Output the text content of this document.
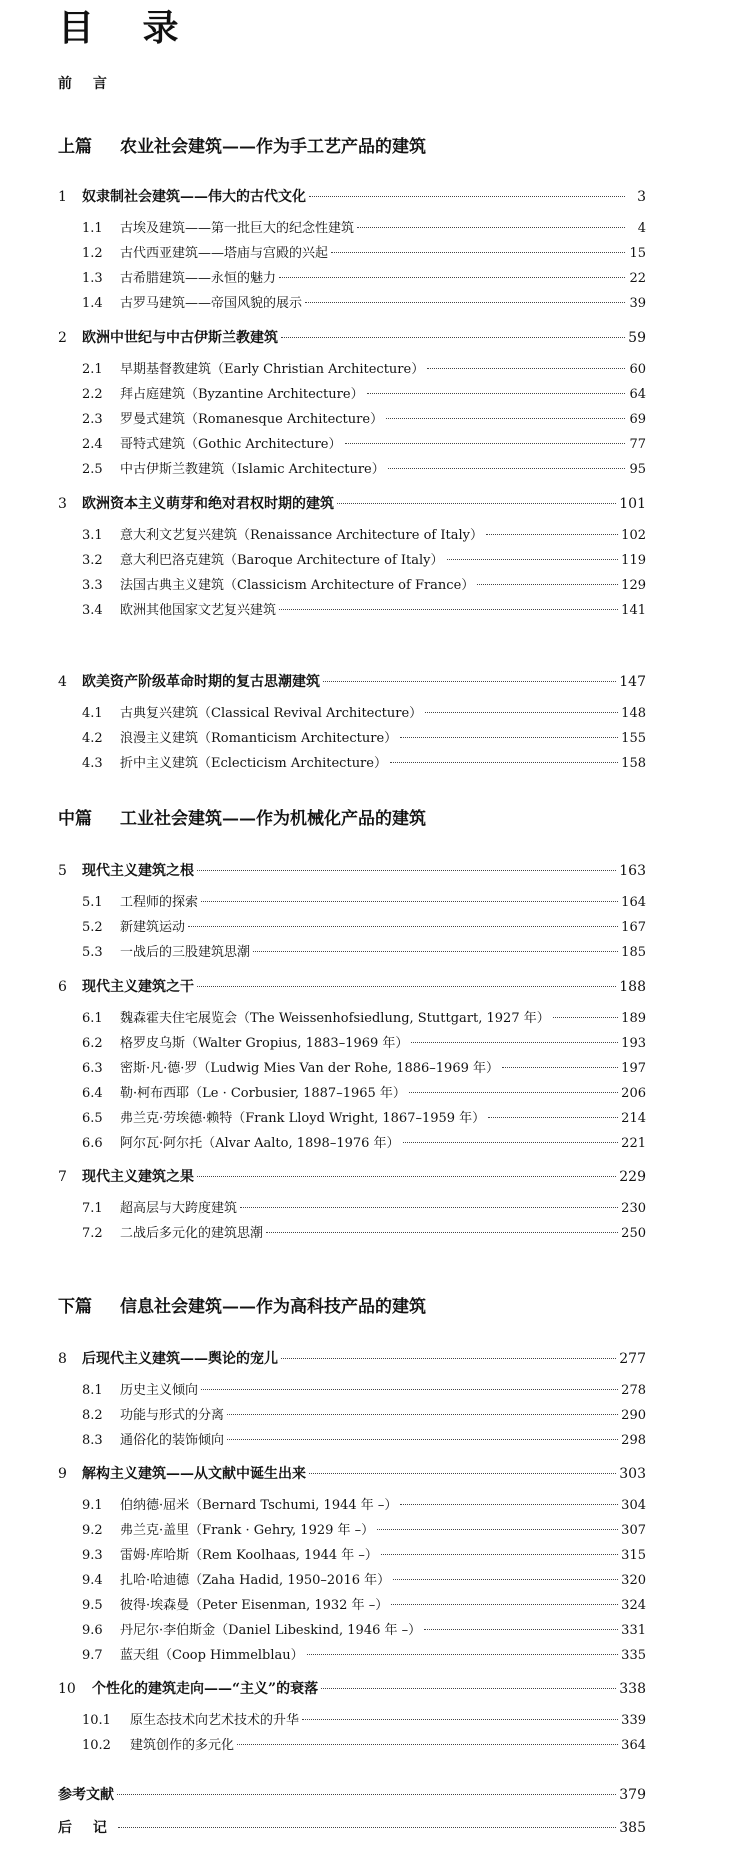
目 录
前 言
上篇 农业社会建筑——作为手工艺产品的建筑
中篇 工业社会建筑——作为机械化产品的建筑
下篇 信息社会建筑——作为高科技产品的建筑
1	奴隶制社会建筑——伟大的古代文化	3
1.1	古埃及建筑——第一批巨大的纪念性建筑	4
1.2	古代西亚建筑——塔庙与宫殿的兴起	15
1.3	古希腊建筑——永恒的魅力	22
1.4	古罗马建筑——帝国风貌的展示	39
2	欧洲中世纪与中古伊斯兰教建筑	59
2.1	早期基督教建筑（Early Christian Architecture）	60
2.2	拜占庭建筑（Byzantine Architecture）	64
2.3	罗曼式建筑（Romanesque Architecture）	69
2.4	哥特式建筑（Gothic Architecture）	77
2.5	中古伊斯兰教建筑（Islamic Architecture）	95
3	欧洲资本主义萌芽和绝对君权时期的建筑	101
3.1	意大利文艺复兴建筑（Renaissance Architecture of Italy）	102
3.2	意大利巴洛克建筑（Baroque Architecture of Italy）	119
3.3	法国古典主义建筑（Classicism Architecture of France）	129
3.4	欧洲其他国家文艺复兴建筑	141
4	欧美资产阶级革命时期的复古思潮建筑	147
4.1	古典复兴建筑（Classical Revival Architecture）	148
4.2	浪漫主义建筑（Romanticism Architecture）	155
4.3	折中主义建筑（Eclecticism Architecture）	158
5	现代主义建筑之根	163
5.1	工程师的探索	164
5.2	新建筑运动	167
5.3	一战后的三股建筑思潮	185
6	现代主义建筑之干	188
6.1	魏森霍夫住宅展览会（The Weissenhofsiedlung, Stuttgart, 1927 年）	189
6.2	格罗皮乌斯（Walter Gropius, 1883–1969 年）	193
6.3	密斯·凡·德·罗（Ludwig Mies Van der Rohe, 1886–1969 年）	197
6.4	勒·柯布西耶（Le · Corbusier, 1887–1965 年）	206
6.5	弗兰克·劳埃德·赖特（Frank Lloyd Wright, 1867–1959 年）	214
6.6	阿尔瓦·阿尔托（Alvar Aalto, 1898–1976 年）	221
7	现代主义建筑之果	229
7.1	超高层与大跨度建筑	230
7.2	二战后多元化的建筑思潮	250
8	后现代主义建筑——舆论的宠儿	277
8.1	历史主义倾向	278
8.2	功能与形式的分离	290
8.3	通俗化的装饰倾向	298
9	解构主义建筑——从文献中诞生出来	303
9.1	伯纳德·屈米（Bernard Tschumi, 1944 年 –）	304
9.2	弗兰克·盖里（Frank · Gehry, 1929 年 –）	307
9.3	雷姆·库哈斯（Rem Koolhaas, 1944 年 –）	315
9.4	扎哈·哈迪德（Zaha Hadid, 1950–2016 年）	320
9.5	彼得·埃森曼（Peter Eisenman, 1932 年 –）	324
9.6	丹尼尔·李伯斯金（Daniel Libeskind, 1946 年 –）	331
9.7	蓝天组（Coop Himmelblau）	335
10	个性化的建筑走向——“主义”的衰落	338
10.1	原生态技术向艺术技术的升华	339
10.2	建筑创作的多元化	364
参考文献	379
后 记	385
